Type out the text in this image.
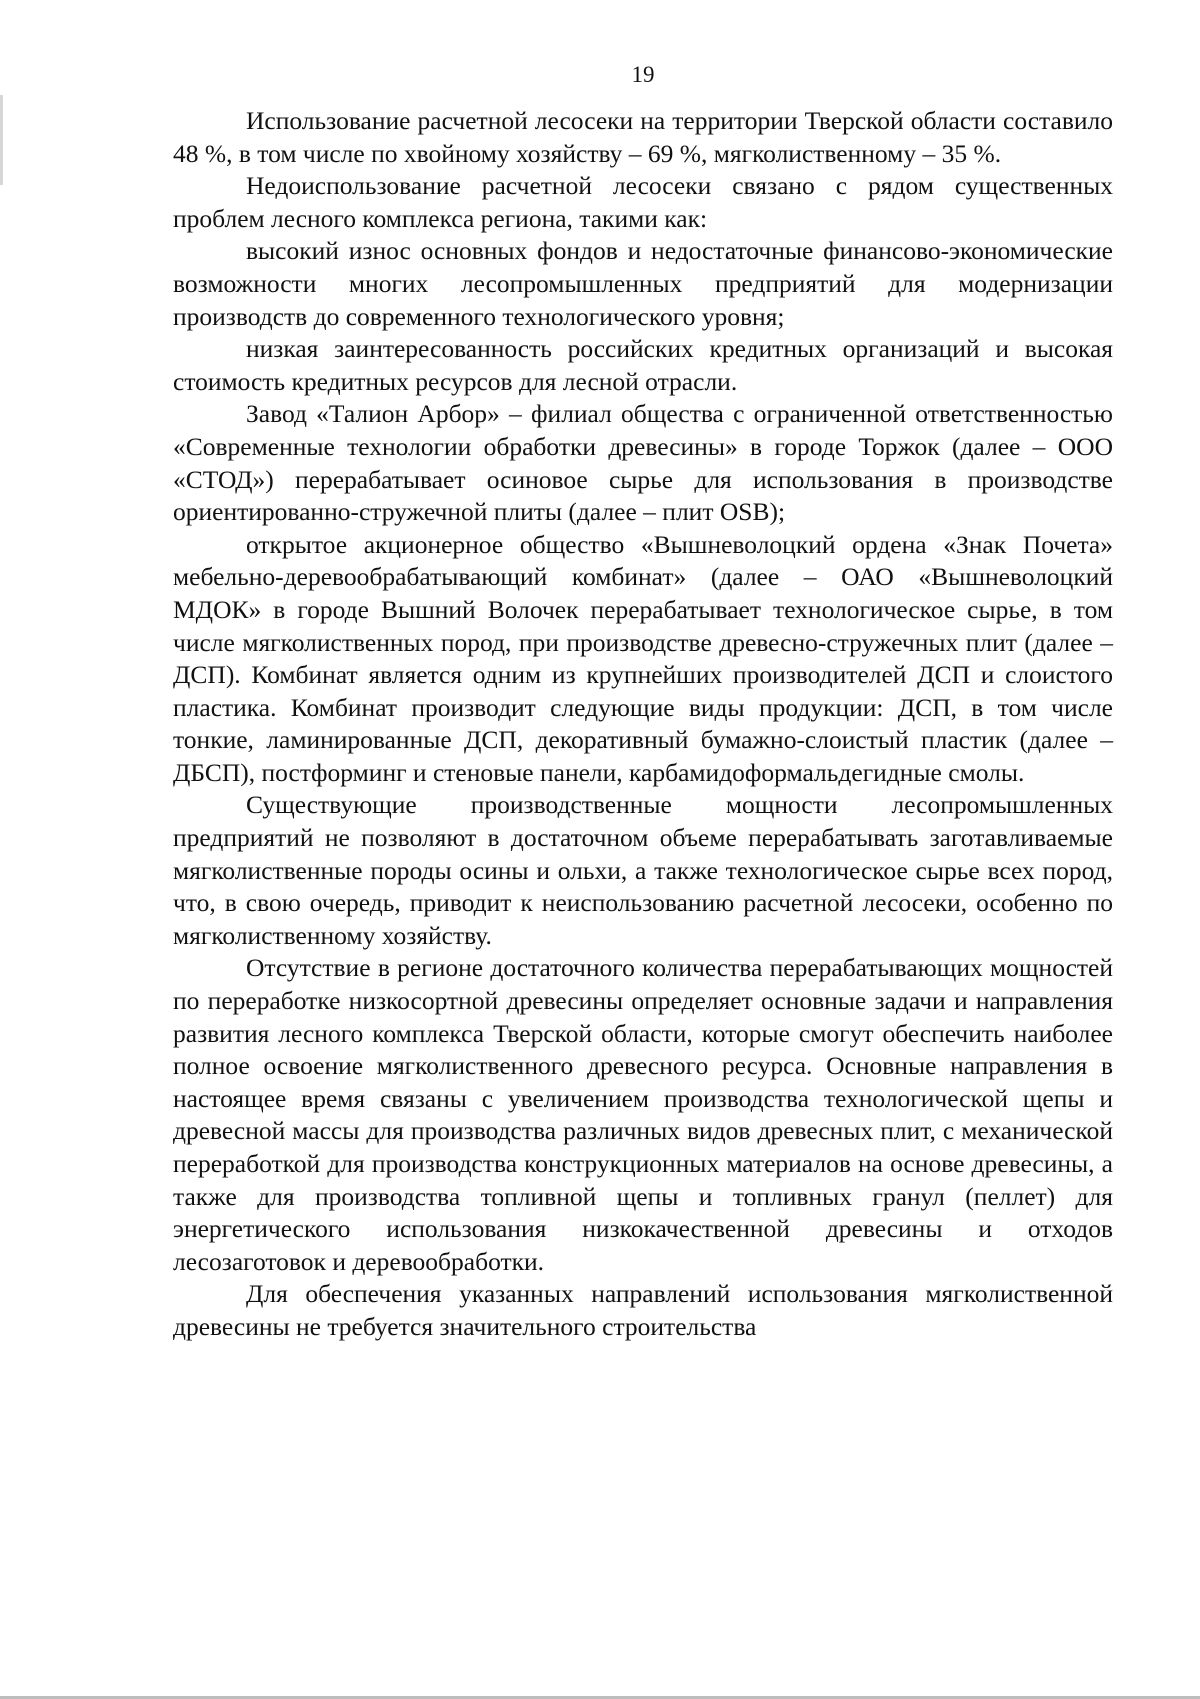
19

Использование расчетной лесосеки на территории Тверской области составило 48 %, в том числе по хвойному хозяйству – 69 %, мягколиственному – 35 %.

Недоиспользование расчетной лесосеки связано с рядом существенных проблем лесного комплекса региона, такими как:

высокий износ основных фондов и недостаточные финансово-экономические возможности многих лесопромышленных предприятий для модернизации производств до современного технологического уровня;

низкая заинтересованность российских кредитных организаций и высокая стоимость кредитных ресурсов для лесной отрасли.

Завод «Талион Арбор» – филиал общества с ограниченной ответственностью «Современные технологии обработки древесины» в городе Торжок (далее – ООО «СТОД») перерабатывает осиновое сырье для использования в производстве ориентированно-стружечной плиты (далее – плит OSB);

открытое акционерное общество «Вышневолоцкий ордена «Знак Почета» мебельно-деревообрабатывающий комбинат» (далее – ОАО «Вышневолоцкий МДОК» в городе Вышний Волочек перерабатывает технологическое сырье, в том числе мягколиственных пород, при производстве древесно-стружечных плит (далее – ДСП). Комбинат является одним из крупнейших производителей ДСП и слоистого пластика. Комбинат производит следующие виды продукции: ДСП, в том числе тонкие, ламинированные ДСП, декоративный бумажно-слоистый пластик (далее – ДБСП), постформинг и стеновые панели, карбамидоформальдегидные смолы.

Существующие производственные мощности лесопромышленных предприятий не позволяют в достаточном объеме перерабатывать заготавливаемые мягколиственные породы осины и ольхи, а также технологическое сырье всех пород, что, в свою очередь, приводит к неиспользованию расчетной лесосеки, особенно по мягколиственному хозяйству.

Отсутствие в регионе достаточного количества перерабатывающих мощностей по переработке низкосортной древесины определяет основные задачи и направления развития лесного комплекса Тверской области, которые смогут обеспечить наиболее полное освоение мягколиственного древесного ресурса. Основные направления в настоящее время связаны с увеличением производства технологической щепы и древесной массы для производства различных видов древесных плит, с механической переработкой для производства конструкционных материалов на основе древесины, а также для производства топливной щепы и топливных гранул (пеллет) для энергетического использования низкокачественной древесины и отходов лесозаготовок и деревообработки.

Для обеспечения указанных направлений использования мягколиственной древесины не требуется значительного строительства
